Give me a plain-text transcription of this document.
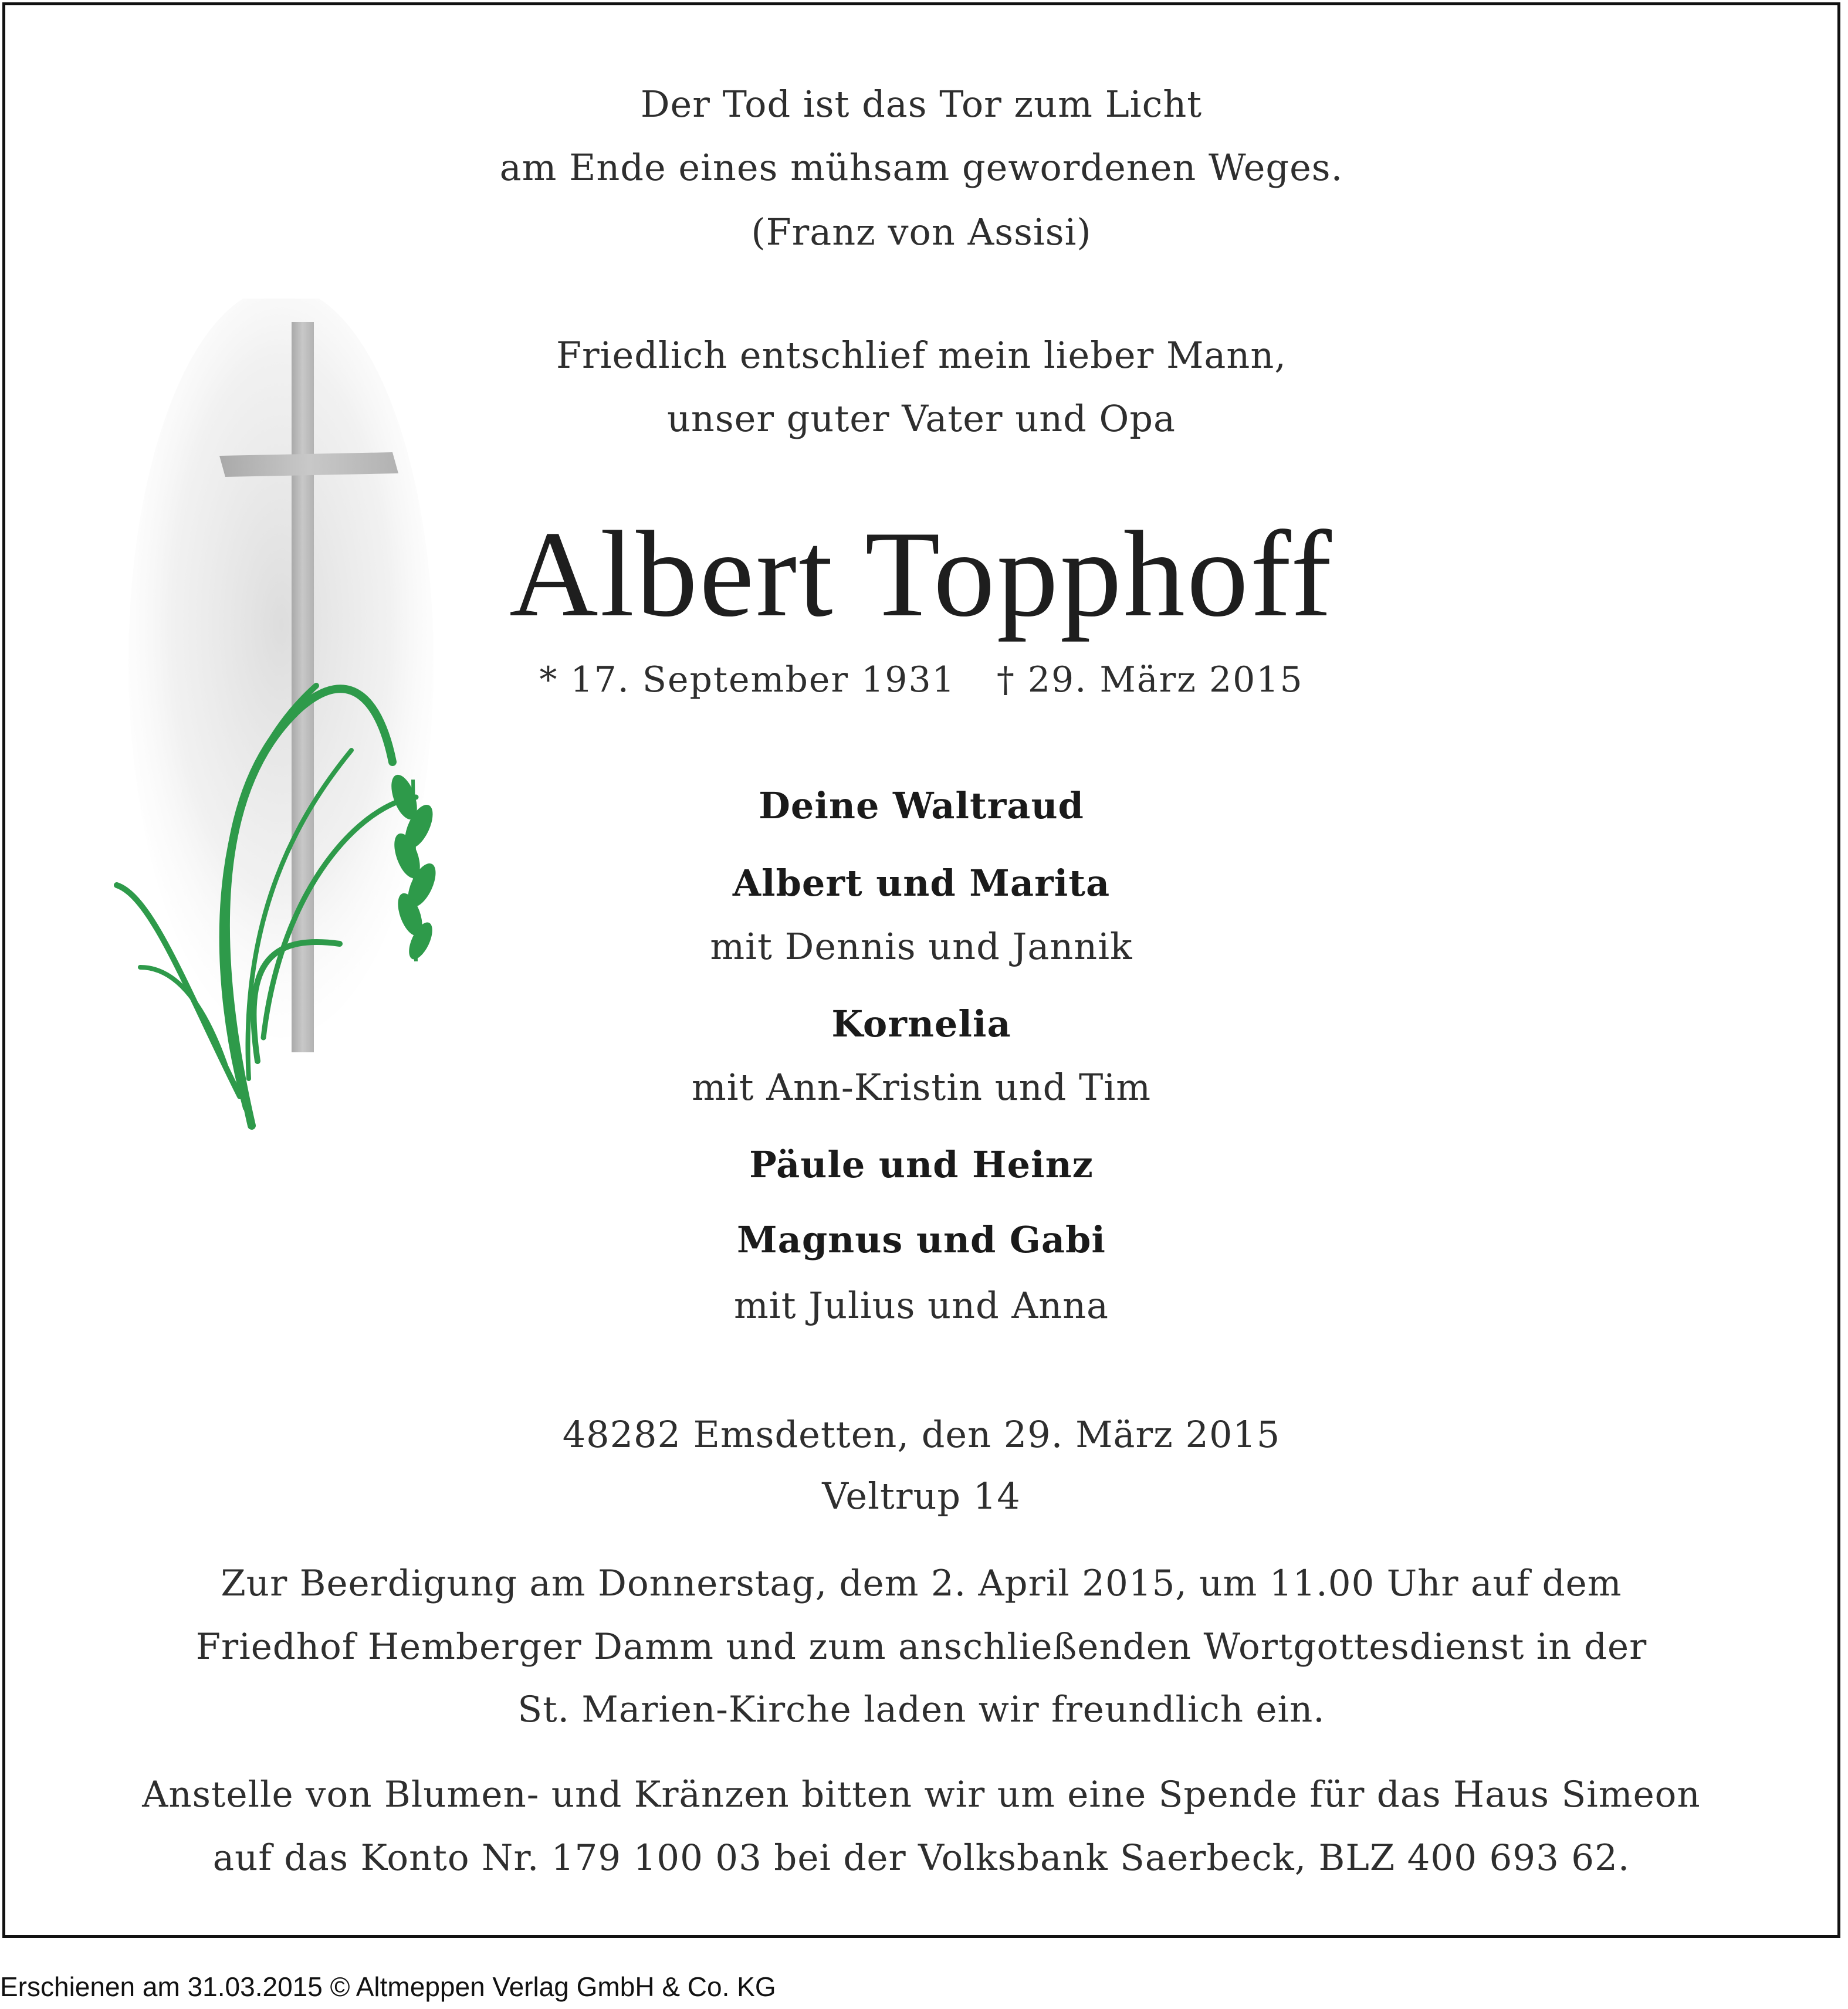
Der Tod ist das Tor zum Licht
am Ende eines mühsam gewordenen Weges.
(Franz von Assisi)
Friedlich entschlief mein lieber Mann,
unser guter Vater und Opa
Albert Topphoff
* 17. September 1931 † 29. März 2015
Deine Waltraud
Albert und Marita
mit Dennis und Jannik
Kornelia
mit Ann-Kristin und Tim
Päule und Heinz
Magnus und Gabi
mit Julius und Anna
48282 Emsdetten, den 29. März 2015
Veltrup 14
Zur Beerdigung am Donnerstag, dem 2. April 2015, um 11.00 Uhr auf dem
Friedhof Hemberger Damm und zum anschließenden Wortgottesdienst in der
St. Marien-Kirche laden wir freundlich ein.
Anstelle von Blumen- und Kränzen bitten wir um eine Spende für das Haus Simeon
auf das Konto Nr. 179 100 03 bei der Volksbank Saerbeck, BLZ 400 693 62.
Erschienen am 31.03.2015 © Altmeppen Verlag GmbH & Co. KG
